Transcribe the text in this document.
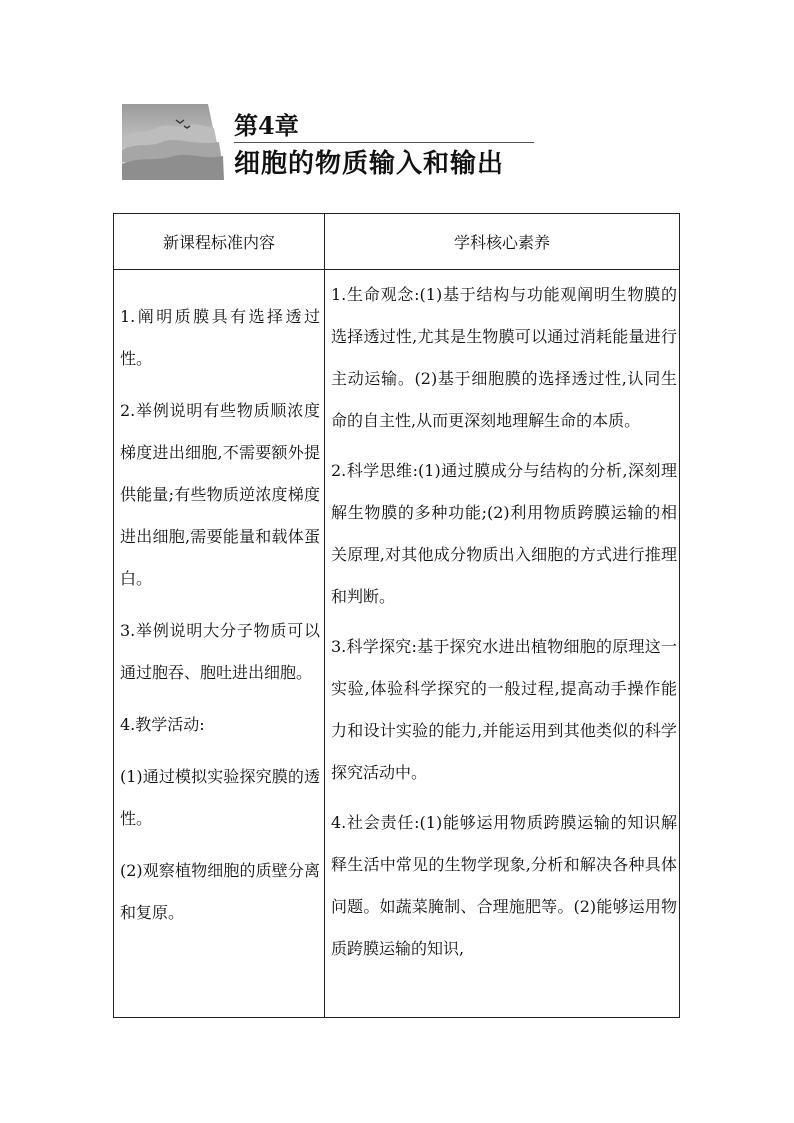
第4章
细胞的物质输入和输出
新课程标准内容	学科核心素养

1.阐明质膜具有选择透过性。

2.举例说明有些物质顺浓度梯度进出细胞,不需要额外提供能量;有些物质逆浓度梯度进出细胞,需要能量和载体蛋白。

3.举例说明大分子物质可以通过胞吞、胞吐进出细胞。

4.教学活动:

(1)通过模拟实验探究膜的透性。

(2)观察植物细胞的质壁分离和复原。

1.生命观念:(1)基于结构与功能观阐明生物膜的选择透过性,尤其是生物膜可以通过消耗能量进行主动运输。(2)基于细胞膜的选择透过性,认同生命的自主性,从而更深刻地理解生命的本质。

2.科学思维:(1)通过膜成分与结构的分析,深刻理解生物膜的多种功能;(2)利用物质跨膜运输的相关原理,对其他成分物质出入细胞的方式进行推理和判断。

3.科学探究:基于探究水进出植物细胞的原理这一实验,体验科学探究的一般过程,提高动手操作能力和设计实验的能力,并能运用到其他类似的科学探究活动中。

4.社会责任:(1)能够运用物质跨膜运输的知识解释生活中常见的生物学现象,分析和解决各种具体问题。如蔬菜腌制、合理施肥等。(2)能够运用物质跨膜运输的知识,
